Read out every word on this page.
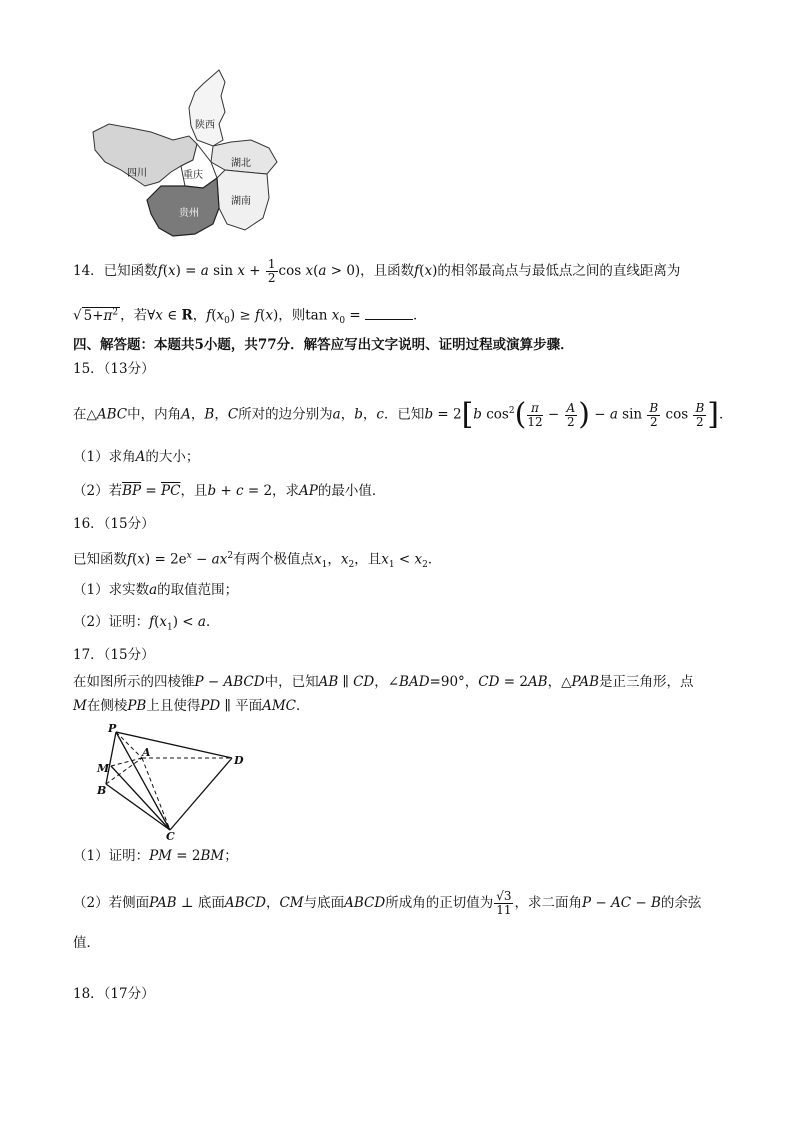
陕西
湖北
四川	重庆
贵州
湖南
14．已知函数f(x) = a $\sin x + \frac{1}{2}$ cos x(a > 0)，且函数f(x)的相邻最高点与最低点之间的直线距离为
√ $5+\pi^2$ ，若∀x ∈ R，$f(x_0) \ge f(x)$，则$\tan x_0$ =	．
四、解答题：本题共5小题，共77分．解答应写出文字说明、证明过程或演算步骤．
15．（13分）
在△ABC中，内角A，B，C所对的边分别为a，b，c．已知b = 2[b $\cos^2( \frac{\pi}{12} - \frac{A}{2}$ ) − a $\sin \frac{B}{2}$ $\cos \frac{B}{2}$ ]．
（1）求角A的大小；
（2）若$\overline{BP} = \overline{PC}$，且b + c = 2，求AP的最小值．
16．（15分）
已知函数$f(x) = 2e^x - ax^2$有两个极值点$x_1$，$x_2$，且$x_1 < x_2$．
（1）求实数a的取值范围；
（2）证明：$f(x_1) < a$．
17．（15分）
在如图所示的四棱锥P − ABCD中，已知AB ∥ CD，∠BAD=90°，CD = 2AB，△PAB是正三角形，点
M在侧棱PB上且使得PD ∥ 平面AMC．
P
A
D
M
B
C
（1）证明：PM = 2BM；
（2）若侧面PAB ⊥ 底面ABCD，CM与底面ABCD所成角的正切值为 $\frac{√3}{11}$ ，求二面角P − AC − B的余弦
值．
18．（17分）
